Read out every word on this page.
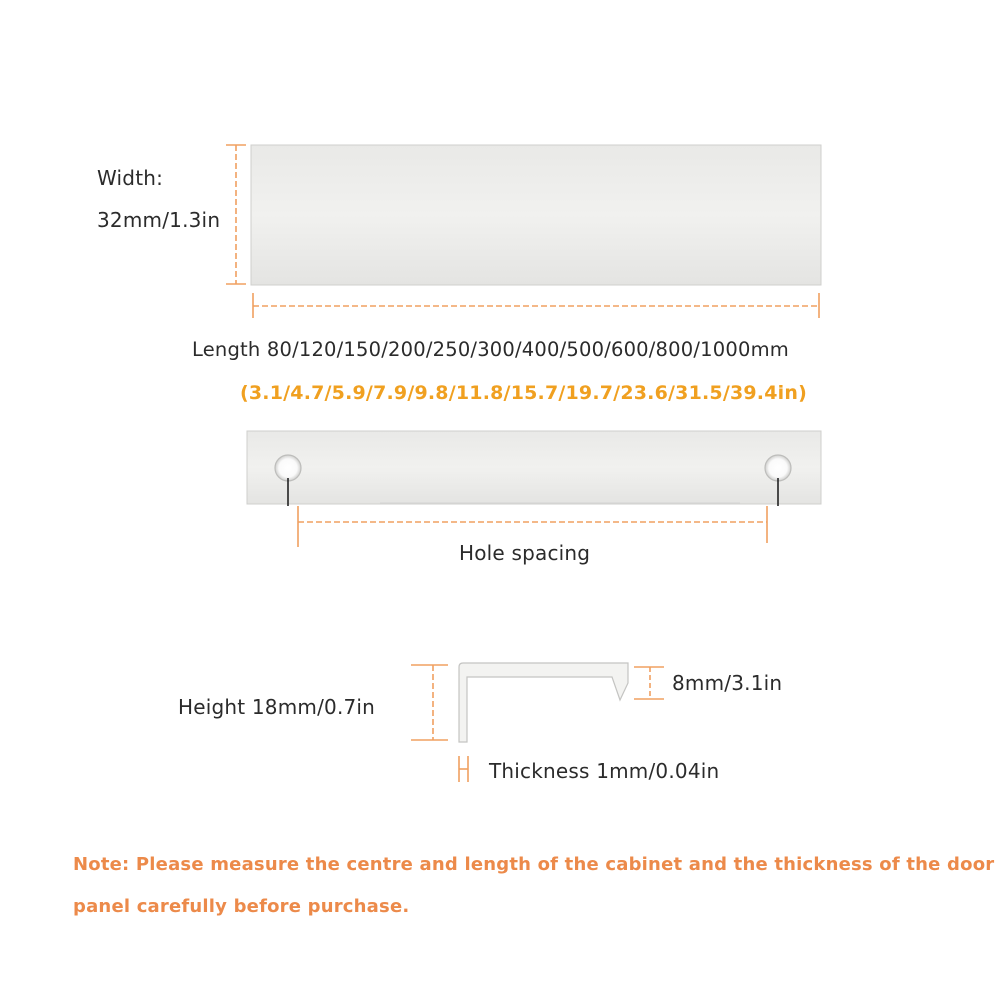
Width:
32mm/1.3in
Length 80/120/150/200/250/300/400/500/600/800/1000mm
(3.1/4.7/5.9/7.9/9.8/11.8/15.7/19.7/23.6/31.5/39.4in)
Hole spacing
Height 18mm/0.7in
8mm/3.1in
Thickness 1mm/0.04in
Note: Please measure the centre and length of the cabinet and the thickness of the door
panel carefully before purchase.
